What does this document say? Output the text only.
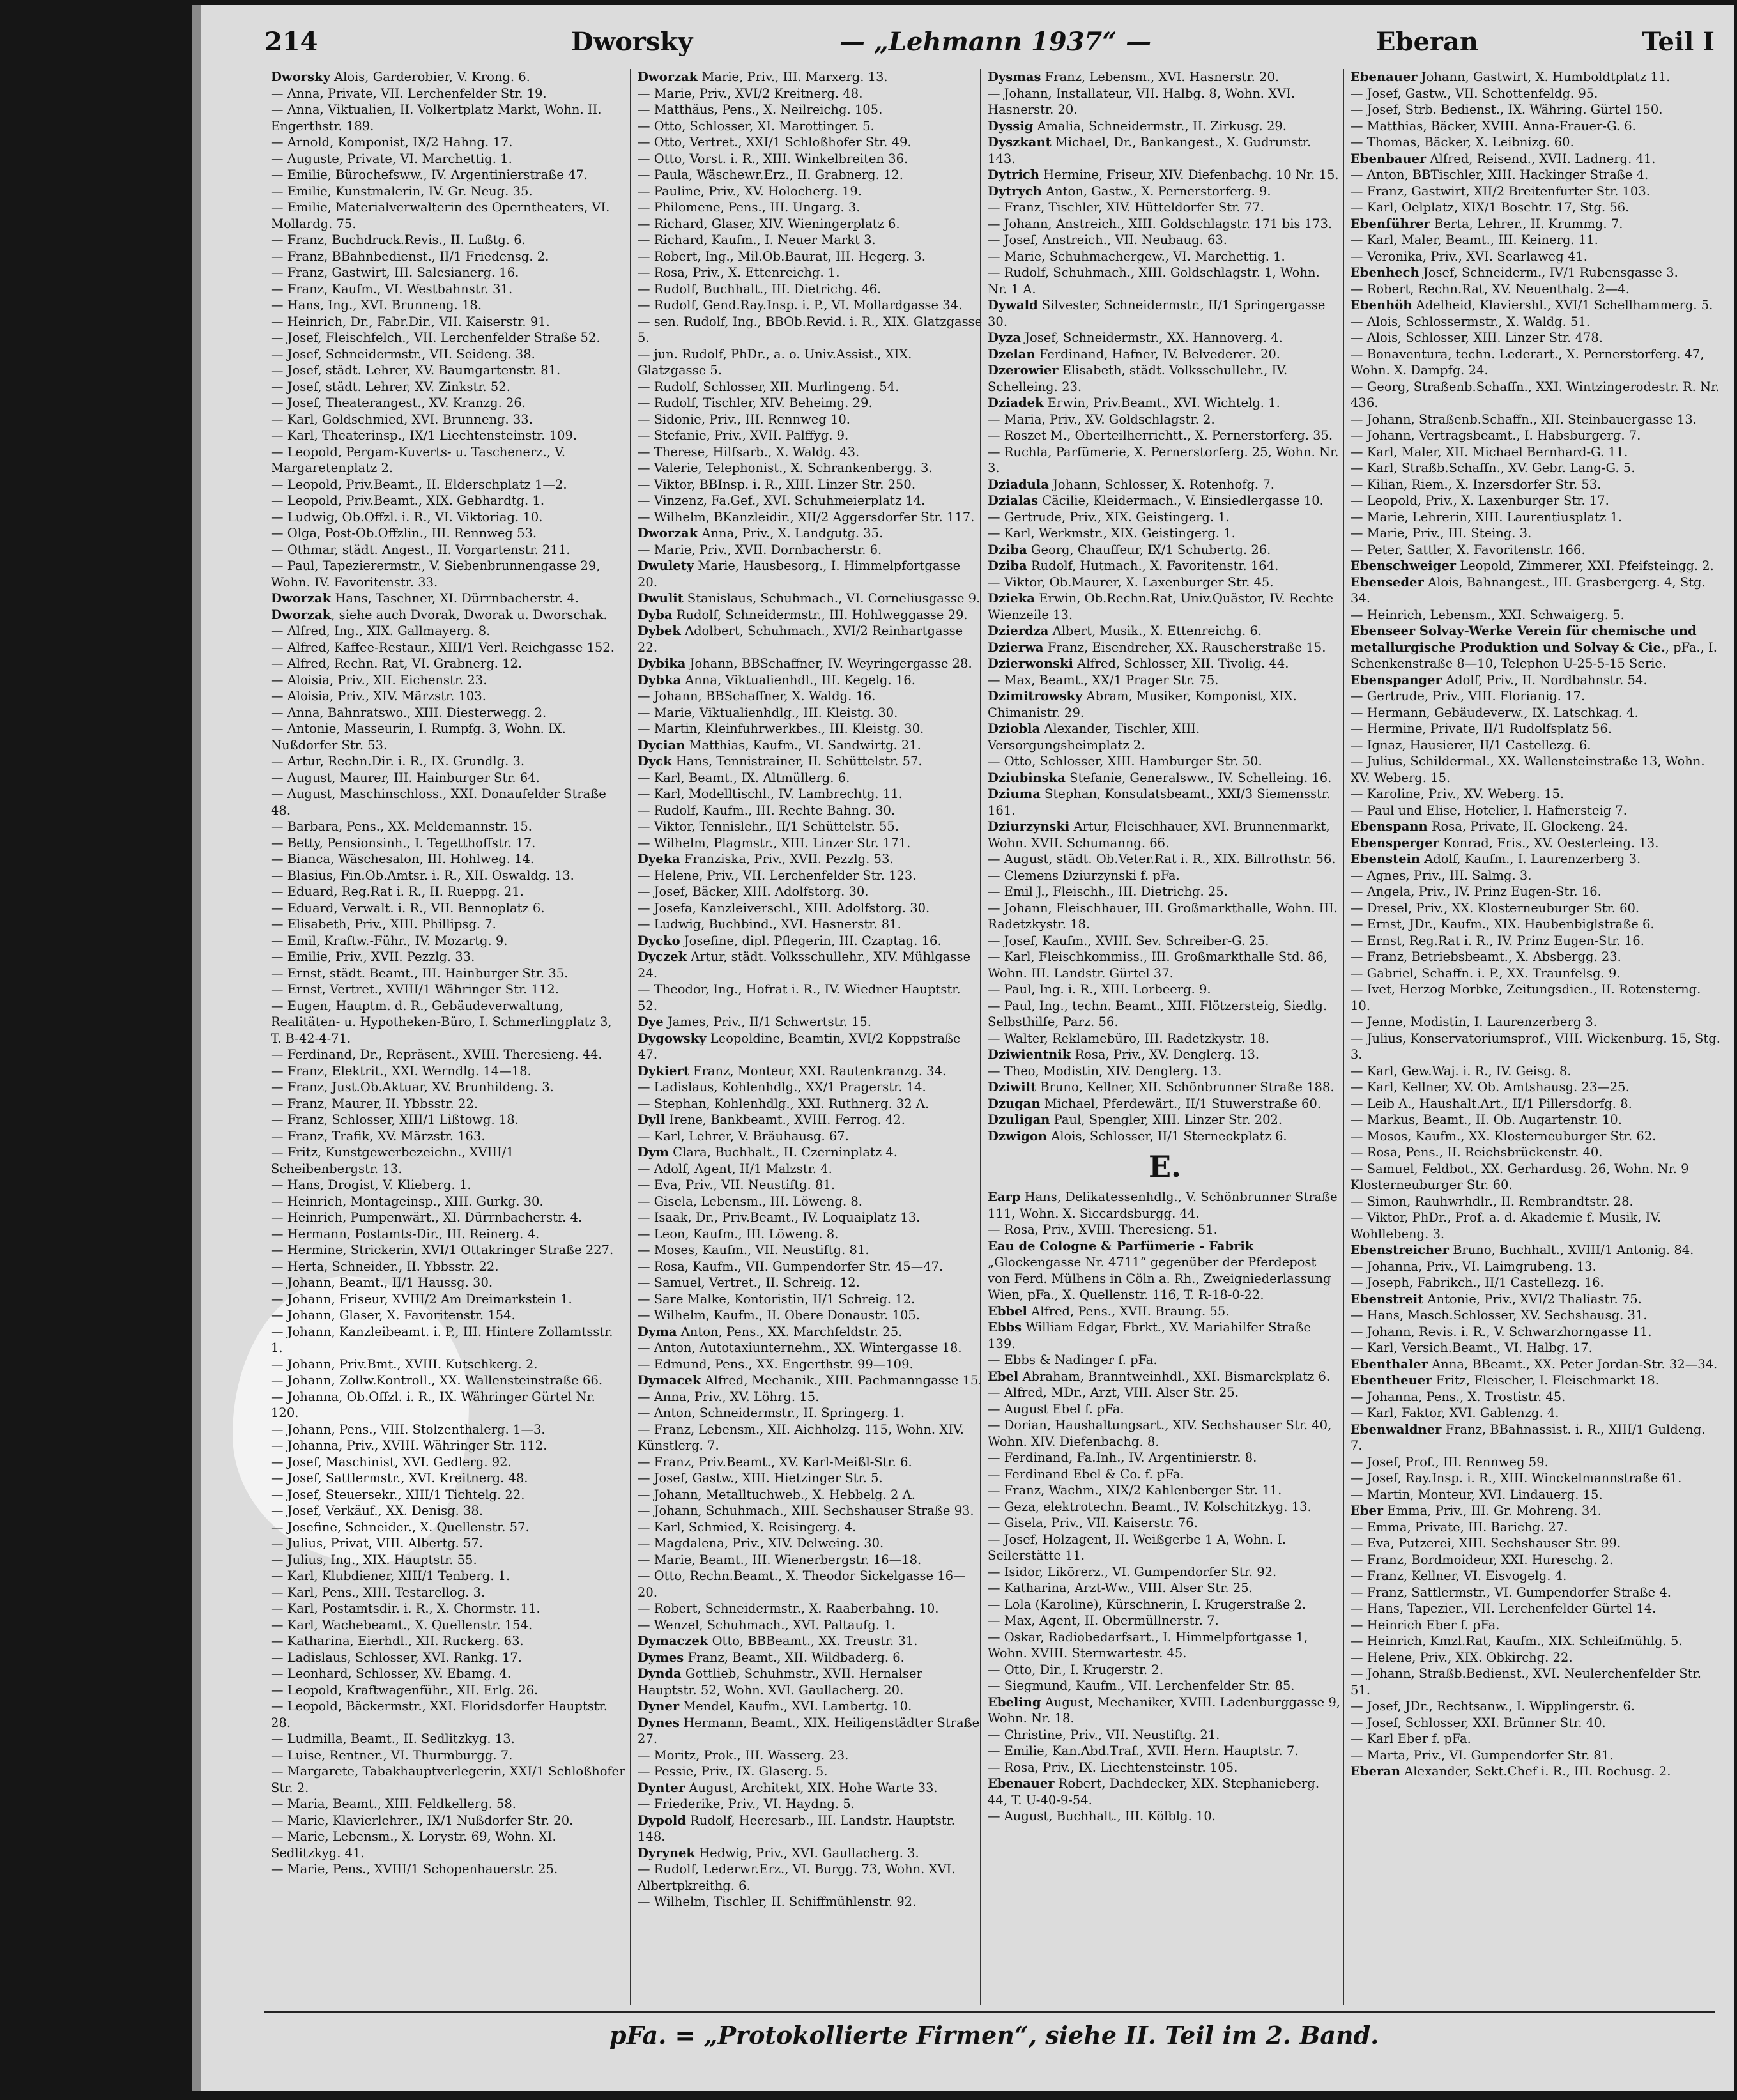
214	Dworsky	— „Lehmann 1937“ —	Eberan	Teil I

Dworsky Alois, Garderobier, V. Krong. 6.

— Anna, Private, VII. Lerchenfelder Str. 19.

— Anna, Viktualien, II. Volkertplatz Markt, Wohn. II. Engerthstr. 189.

— Arnold, Komponist, IX/2 Hahng. 17.

— Auguste, Private, VI. Marchettig. 1.

— Emilie, Bürochefsww., IV. Argentinierstraße 47.

— Emilie, Kunstmalerin, IV. Gr. Neug. 35.

— Emilie, Materialverwalterin des Operntheaters, VI. Mollardg. 75.

— Franz, Buchdruck.Revis., II. Lußtg. 6.

— Franz, BBahnbedienst., II/1 Friedensg. 2.

— Franz, Gastwirt, III. Salesianerg. 16.

— Franz, Kaufm., VI. Westbahnstr. 31.

— Hans, Ing., XVI. Brunneng. 18.

— Heinrich, Dr., Fabr.Dir., VII. Kaiserstr. 91.

— Josef, Fleischfelch., VII. Lerchenfelder Straße 52.

— Josef, Schneidermstr., VII. Seideng. 38.

— Josef, städt. Lehrer, XV. Baumgartenstr. 81.

— Josef, städt. Lehrer, XV. Zinkstr. 52.

— Josef, Theaterangest., XV. Kranzg. 26.

— Karl, Goldschmied, XVI. Brunneng. 33.

— Karl, Theaterinsp., IX/1 Liechtensteinstr. 109.

— Leopold, Pergam-Kuverts- u. Taschenerz., V. Margaretenplatz 2.

— Leopold, Priv.Beamt., II. Elderschplatz 1—2.

— Leopold, Priv.Beamt., XIX. Gebhardtg. 1.

— Ludwig, Ob.Offzl. i. R., VI. Viktoriag. 10.

— Olga, Post-Ob.Offzlin., III. Rennweg 53.

— Othmar, städt. Angest., II. Vorgartenstr. 211.

— Paul, Tapezierermstr., V. Siebenbrunnengasse 29, Wohn. IV. Favoritenstr. 33.

Dworzak Hans, Taschner, XI. Dürrnbacherstr. 4.

Dworzak, siehe auch Dvorak, Dworak u. Dworschak.

— Alfred, Ing., XIX. Gallmayerg. 8.

— Alfred, Kaffee-Restaur., XIII/1 Verl. Reichgasse 152.

— Alfred, Rechn. Rat, VI. Grabnerg. 12.

— Aloisia, Priv., XII. Eichenstr. 23.

— Aloisia, Priv., XIV. Märzstr. 103.

— Anna, Bahnratswo., XIII. Diesterwegg. 2.

— Antonie, Masseurin, I. Rumpfg. 3, Wohn. IX. Nußdorfer Str. 53.

— Artur, Rechn.Dir. i. R., IX. Grundlg. 3.

— August, Maurer, III. Hainburger Str. 64.

— August, Maschinschloss., XXI. Donaufelder Straße 48.

— Barbara, Pens., XX. Meldemannstr. 15.

— Betty, Pensionsinh., I. Tegetthoffstr. 17.

— Bianca, Wäschesalon, III. Hohlweg. 14.

— Blasius, Fin.Ob.Amtsr. i. R., XII. Oswaldg. 13.

— Eduard, Reg.Rat i. R., II. Rueppg. 21.

— Eduard, Verwalt. i. R., VII. Bennoplatz 6.

— Elisabeth, Priv., XIII. Phillipsg. 7.

— Emil, Kraftw.-Führ., IV. Mozartg. 9.

— Emilie, Priv., XVII. Pezzlg. 33.

— Ernst, städt. Beamt., III. Hainburger Str. 35.

— Ernst, Vertret., XVIII/1 Währinger Str. 112.

— Eugen, Hauptm. d. R., Gebäudeverwaltung, Realitäten- u. Hypotheken-Büro, I. Schmerlingplatz 3, T. B-42-4-71.

— Ferdinand, Dr., Repräsent., XVIII. Theresieng. 44.

— Franz, Elektrit., XXI. Werndlg. 14—18.

— Franz, Just.Ob.Aktuar, XV. Brunhildeng. 3.

— Franz, Maurer, II. Ybbsstr. 22.

— Franz, Schlosser, XIII/1 Lißtowg. 18.

— Franz, Trafik, XV. Märzstr. 163.

— Fritz, Kunstgewerbezeichn., XVIII/1 Scheibenbergstr. 13.

— Hans, Drogist, V. Klieberg. 1.

— Heinrich, Montageinsp., XIII. Gurkg. 30.

— Heinrich, Pumpenwärt., XI. Dürrnbacherstr. 4.

— Hermann, Postamts-Dir., III. Reinerg. 4.

— Hermine, Strickerin, XVI/1 Ottakringer Straße 227.

— Herta, Schneider., II. Ybbsstr. 22.

— Johann, Beamt., II/1 Haussg. 30.

— Johann, Friseur, XVIII/2 Am Dreimarkstein 1.

— Johann, Glaser, X. Favoritenstr. 154.

— Johann, Kanzleibeamt. i. P., III. Hintere Zollamtsstr. 1.

— Johann, Priv.Bmt., XVIII. Kutschkerg. 2.

— Johann, Zollw.Kontroll., XX. Wallensteinstraße 66.

— Johanna, Ob.Offzl. i. R., IX. Währinger Gürtel Nr. 120.

— Johann, Pens., VIII. Stolzenthalerg. 1—3.

— Johanna, Priv., XVIII. Währinger Str. 112.

— Josef, Maschinist, XVI. Gedlerg. 92.

— Josef, Sattlermstr., XVI. Kreitnerg. 48.

— Josef, Steuersekr., XIII/1 Tichtelg. 22.

— Josef, Verkäuf., XX. Denisg. 38.

— Josefine, Schneider., X. Quellenstr. 57.

— Julius, Privat, VIII. Albertg. 57.

— Julius, Ing., XIX. Hauptstr. 55.

— Karl, Klubdiener, XIII/1 Tenberg. 1.

— Karl, Pens., XIII. Testarellog. 3.

— Karl, Postamtsdir. i. R., X. Chormstr. 11.

— Karl, Wachebeamt., X. Quellenstr. 154.

— Katharina, Eierhdl., XII. Ruckerg. 63.

— Ladislaus, Schlosser, XVI. Rankg. 17.

— Leonhard, Schlosser, XV. Ebamg. 4.

— Leopold, Kraftwagenführ., XII. Erlg. 26.

— Leopold, Bäckermstr., XXI. Floridsdorfer Hauptstr. 28.

— Ludmilla, Beamt., II. Sedlitzkyg. 13.

— Luise, Rentner., VI. Thurmburgg. 7.

— Margarete, Tabakhauptverlegerin, XXI/1 Schloßhofer Str. 2.

— Maria, Beamt., XIII. Feldkellerg. 58.

— Marie, Klavierlehrer., IX/1 Nußdorfer Str. 20.

— Marie, Lebensm., X. Lorystr. 69, Wohn. XI. Sedlitzkyg. 41.

— Marie, Pens., XVIII/1 Schopenhauerstr. 25.

Dworzak Marie, Priv., III. Marxerg. 13.

— Marie, Priv., XVI/2 Kreitnerg. 48.

— Matthäus, Pens., X. Neilreichg. 105.

— Otto, Schlosser, XI. Marottinger. 5.

— Otto, Vertret., XXI/1 Schloßhofer Str. 49.

— Otto, Vorst. i. R., XIII. Winkelbreiten 36.

— Paula, Wäschewr.Erz., II. Grabnerg. 12.

— Pauline, Priv., XV. Holocherg. 19.

— Philomene, Pens., III. Ungarg. 3.

— Richard, Glaser, XIV. Wieningerplatz 6.

— Richard, Kaufm., I. Neuer Markt 3.

— Robert, Ing., Mil.Ob.Baurat, III. Hegerg. 3.

— Rosa, Priv., X. Ettenreichg. 1.

— Rudolf, Buchhalt., III. Dietrichg. 46.

— Rudolf, Gend.Ray.Insp. i. P., VI. Mollardgasse 34.

— sen. Rudolf, Ing., BBOb.Revid. i. R., XIX. Glatzgasse 5.

— jun. Rudolf, PhDr., a. o. Univ.Assist., XIX. Glatzgasse 5.

— Rudolf, Schlosser, XII. Murlingeng. 54.

— Rudolf, Tischler, XIV. Beheimg. 29.

— Sidonie, Priv., III. Rennweg 10.

— Stefanie, Priv., XVII. Palffyg. 9.

— Therese, Hilfsarb., X. Waldg. 43.

— Valerie, Telephonist., X. Schrankenbergg. 3.

— Viktor, BBInsp. i. R., XIII. Linzer Str. 250.

— Vinzenz, Fa.Gef., XVI. Schuhmeierplatz 14.

— Wilhelm, BKanzleidir., XII/2 Aggersdorfer Str. 117.

Dworzak Anna, Priv., X. Landgutg. 35.

— Marie, Priv., XVII. Dornbacherstr. 6.

Dwulety Marie, Hausbesorg., I. Himmelpfortgasse 20.

Dwulit Stanislaus, Schuhmach., VI. Corneliusgasse 9.

Dyba Rudolf, Schneidermstr., III. Hohlweggasse 29.

Dybek Adolbert, Schuhmach., XVI/2 Reinhartgasse 22.

Dybika Johann, BBSchaffner, IV. Weyringergasse 28.

Dybka Anna, Viktualienhdl., III. Kegelg. 16.

— Johann, BBSchaffner, X. Waldg. 16.

— Marie, Viktualienhdlg., III. Kleistg. 30.

— Martin, Kleinfuhrwerkbes., III. Kleistg. 30.

Dycian Matthias, Kaufm., VI. Sandwirtg. 21.

Dyck Hans, Tennistrainer, II. Schüttelstr. 57.

— Karl, Beamt., IX. Altmüllerg. 6.

— Karl, Modelltischl., IV. Lambrechtg. 11.

— Rudolf, Kaufm., III. Rechte Bahng. 30.

— Viktor, Tennislehr., II/1 Schüttelstr. 55.

— Wilhelm, Plagmstr., XIII. Linzer Str. 171.

Dyeka Franziska, Priv., XVII. Pezzlg. 53.

— Helene, Priv., VII. Lerchenfelder Str. 123.

— Josef, Bäcker, XIII. Adolfstorg. 30.

— Josefa, Kanzleiverschl., XIII. Adolfstorg. 30.

— Ludwig, Buchbind., XVI. Hasnerstr. 81.

Dycko Josefine, dipl. Pflegerin, III. Czaptag. 16.

Dyczek Artur, städt. Volksschullehr., XIV. Mühlgasse 24.

— Theodor, Ing., Hofrat i. R., IV. Wiedner Hauptstr. 52.

Dye James, Priv., II/1 Schwertstr. 15.

Dygowsky Leopoldine, Beamtin, XVI/2 Koppstraße 47.

Dykiert Franz, Monteur, XXI. Rautenkranzg. 34.

— Ladislaus, Kohlenhdlg., XX/1 Pragerstr. 14.

— Stephan, Kohlenhdlg., XXI. Ruthnerg. 32 A.

Dyll Irene, Bankbeamt., XVIII. Ferrog. 42.

— Karl, Lehrer, V. Bräuhausg. 67.

Dym Clara, Buchhalt., II. Czerninplatz 4.

— Adolf, Agent, II/1 Malzstr. 4.

— Eva, Priv., VII. Neustiftg. 81.

— Gisela, Lebensm., III. Löweng. 8.

— Isaak, Dr., Priv.Beamt., IV. Loquaiplatz 13.

— Leon, Kaufm., III. Löweng. 8.

— Moses, Kaufm., VII. Neustiftg. 81.

— Rosa, Kaufm., VII. Gumpendorfer Str. 45—47.

— Samuel, Vertret., II. Schreig. 12.

— Sare Malke, Kontoristin, II/1 Schreig. 12.

— Wilhelm, Kaufm., II. Obere Donaustr. 105.

Dyma Anton, Pens., XX. Marchfeldstr. 25.

— Anton, Autotaxiunternehm., XX. Wintergasse 18.

— Edmund, Pens., XX. Engerthstr. 99—109.

Dymacek Alfred, Mechanik., XIII. Pachmanngasse 15.

— Anna, Priv., XV. Löhrg. 15.

— Anton, Schneidermstr., II. Springerg. 1.

— Franz, Lebensm., XII. Aichholzg. 115, Wohn. XIV. Künstlerg. 7.

— Franz, Priv.Beamt., XV. Karl-Meißl-Str. 6.

— Josef, Gastw., XIII. Hietzinger Str. 5.

— Johann, Metalltuchweb., X. Hebbelg. 2 A.

— Johann, Schuhmach., XIII. Sechshauser Straße 93.

— Karl, Schmied, X. Reisingerg. 4.

— Magdalena, Priv., XIV. Delweing. 30.

— Marie, Beamt., III. Wienerbergstr. 16—18.

— Otto, Rechn.Beamt., X. Theodor Sickelgasse 16—20.

— Robert, Schneidermstr., X. Raaberbahng. 10.

— Wenzel, Schuhmach., XVI. Paltaufg. 1.

Dymaczek Otto, BBBeamt., XX. Treustr. 31.

Dymes Franz, Beamt., XII. Wildbaderg. 6.

Dynda Gottlieb, Schuhmstr., XVII. Hernalser Hauptstr. 52, Wohn. XVI. Gaullacherg. 20.

Dyner Mendel, Kaufm., XVI. Lambertg. 10.

Dynes Hermann, Beamt., XIX. Heiligenstädter Straße 27.

— Moritz, Prok., III. Wasserg. 23.

— Pessie, Priv., IX. Glaserg. 5.

Dynter August, Architekt, XIX. Hohe Warte 33.

— Friederike, Priv., VI. Haydng. 5.

Dypold Rudolf, Heeresarb., III. Landstr. Hauptstr. 148.

Dyrynek Hedwig, Priv., XVI. Gaullacherg. 3.

— Rudolf, Lederwr.Erz., VI. Burgg. 73, Wohn. XVI. Albertpkreithg. 6.

— Wilhelm, Tischler, II. Schiffmühlenstr. 92.

Dysmas Franz, Lebensm., XVI. Hasnerstr. 20.

— Johann, Installateur, VII. Halbg. 8, Wohn. XVI. Hasnerstr. 20.

Dyssig Amalia, Schneidermstr., II. Zirkusg. 29.

Dyszkant Michael, Dr., Bankangest., X. Gudrunstr. 143.

Dytrich Hermine, Friseur, XIV. Diefenbachg. 10 Nr. 15.

Dytrych Anton, Gastw., X. Pernerstorferg. 9.

— Franz, Tischler, XIV. Hütteldorfer Str. 77.

— Johann, Anstreich., XIII. Goldschlagstr. 171 bis 173.

— Josef, Anstreich., VII. Neubaug. 63.

— Marie, Schuhmachergew., VI. Marchettig. 1.

— Rudolf, Schuhmach., XIII. Goldschlagstr. 1, Wohn. Nr. 1 A.

Dywald Silvester, Schneidermstr., II/1 Springergasse 30.

Dyza Josef, Schneidermstr., XX. Hannoverg. 4.

Dzelan Ferdinand, Hafner, IV. Belvederег. 20.

Dzerowier Elisabeth, städt. Volksschullehr., IV. Schelleing. 23.

Dziadek Erwin, Priv.Beamt., XVI. Wichtelg. 1.

— Maria, Priv., XV. Goldschlagstr. 2.

— Roszet M., Oberteilherrichtt., X. Pernerstorferg. 35.

— Ruchla, Parfümerie, X. Pernerstorferg. 25, Wohn. Nr. 3.

Dziadula Johann, Schlosser, X. Rotenhofg. 7.

Dzialas Cäcilie, Kleidermach., V. Einsiedlergasse 10.

— Gertrude, Priv., XIX. Geistingerg. 1.

— Karl, Werkmstr., XIX. Geistingerg. 1.

Dziba Georg, Chauffeur, IX/1 Schubertg. 26.

Dziba Rudolf, Hutmach., X. Favoritenstr. 164.

— Viktor, Ob.Maurer, X. Laxenburger Str. 45.

Dzieka Erwin, Ob.Rechn.Rat, Univ.Quästor, IV. Rechte Wienzeile 13.

Dzierdza Albert, Musik., X. Ettenreichg. 6.

Dzierwa Franz, Eisendreher, XX. Rauscherstraße 15.

Dzierwonski Alfred, Schlosser, XII. Tivolig. 44.

— Max, Beamt., XX/1 Prager Str. 75.

Dzimitrowsky Abram, Musiker, Komponist, XIX. Chimanistr. 29.

Dziobla Alexander, Tischler, XIII. Versorgungsheimplatz 2.

— Otto, Schlosser, XIII. Hamburger Str. 50.

Dziubinska Stefanie, Generalsww., IV. Schelleing. 16.

Dziuma Stephan, Konsulatsbeamt., XXI/3 Siemensstr. 161.

Dziurzynski Artur, Fleischhauer, XVI. Brunnenmarkt, Wohn. XVII. Schumanng. 66.

— August, städt. Ob.Veter.Rat i. R., XIX. Billrothstr. 56.

— Clemens Dziurzynski f. pFa.

— Emil J., Fleischh., III. Dietrichg. 25.

— Johann, Fleischhauer, III. Großmarkthalle, Wohn. III. Radetzkystr. 18.

— Josef, Kaufm., XVIII. Sev. Schreiber-G. 25.

— Karl, Fleischkommiss., III. Großmarkthalle Std. 86, Wohn. III. Landstr. Gürtel 37.

— Paul, Ing. i. R., XIII. Lorbeerg. 9.

— Paul, Ing., techn. Beamt., XIII. Flötzersteig, Siedlg. Selbsthilfe, Parz. 56.

— Walter, Reklamebüro, III. Radetzkystr. 18.

Dziwientnik Rosa, Priv., XV. Denglerg. 13.

— Theo, Modistin, XIV. Denglerg. 13.

Dziwilt Bruno, Kellner, XII. Schönbrunner Straße 188.

Dzugan Michael, Pferdewärt., II/1 Stuwerstraße 60.

Dzuligan Paul, Spengler, XIII. Linzer Str. 202.

Dzwigon Alois, Schlosser, II/1 Sterneckplatz 6.

E.

Earp Hans, Delikatessenhdlg., V. Schönbrunner Straße 111, Wohn. X. Siccardsburgg. 44.

— Rosa, Priv., XVIII. Theresieng. 51.

Eau de Cologne & Parfümerie - Fabrik „Glockengasse Nr. 4711“ gegenüber der Pferdepost von Ferd. Mülhens in Cöln a. Rh., Zweigniederlassung Wien, pFa., X. Quellenstr. 116, T. R-18-0-22.

Ebbel Alfred, Pens., XVII. Braung. 55.

Ebbs William Edgar, Fbrkt., XV. Mariahilfer Straße 139.

— Ebbs & Nadinger f. pFa.

Ebel Abraham, Branntweinhdl., XXI. Bismarckplatz 6.

— Alfred, MDr., Arzt, VIII. Alser Str. 25.

— August Ebel f. pFa.

— Dorian, Haushaltungsart., XIV. Sechshauser Str. 40, Wohn. XIV. Diefenbachg. 8.

— Ferdinand, Fa.Inh., IV. Argentinierstr. 8.

— Ferdinand Ebel & Co. f. pFa.

— Franz, Wachm., XIX/2 Kahlenberger Str. 11.

— Geza, elektrotechn. Beamt., IV. Kolschitzkyg. 13.

— Gisela, Priv., VII. Kaiserstr. 76.

— Josef, Holzagent, II. Weißgerbe 1 A, Wohn. I. Seilerstätte 11.

— Isidor, Likörerz., VI. Gumpendorfer Str. 92.

— Katharina, Arzt-Ww., VIII. Alser Str. 25.

— Lola (Karoline), Kürschnerin, I. Krugerstraße 2.

— Max, Agent, II. Obermüllnerstr. 7.

— Oskar, Radiobedarfsart., I. Himmelpfortgasse 1, Wohn. XVIII. Sternwartestr. 45.

— Otto, Dir., I. Krugerstr. 2.

— Siegmund, Kaufm., VII. Lerchenfelder Str. 85.

Ebeling August, Mechaniker, XVIII. Ladenburggasse 9, Wohn. Nr. 18.

— Christine, Priv., VII. Neustiftg. 21.

— Emilie, Kan.Abd.Traf., XVII. Hern. Hauptstr. 7.

— Rosa, Priv., IX. Liechtensteinstr. 105.

Ebenauer Robert, Dachdecker, XIX. Stephanieberg. 44, T. U-40-9-54.

— August, Buchhalt., III. Kölblg. 10.

Ebenauer Johann, Gastwirt, X. Humboldtplatz 11.

— Josef, Gastw., VII. Schottenfeldg. 95.

— Josef, Strb. Bedienst., IX. Währing. Gürtel 150.

— Matthias, Bäcker, XVIII. Anna-Frauer-G. 6.

— Thomas, Bäcker, X. Leibnizg. 60.

Ebenbauer Alfred, Reisend., XVII. Ladnerg. 41.

— Anton, BBTischler, XIII. Hackinger Straße 4.

— Franz, Gastwirt, XII/2 Breitenfurter Str. 103.

— Karl, Oelplatz, XIX/1 Boschtr. 17, Stg. 56.

Ebenführer Berta, Lehrer., II. Krummg. 7.

— Karl, Maler, Beamt., III. Keinerg. 11.

— Veronika, Priv., XVI. Searlaweg 41.

Ebenhech Josef, Schneiderm., IV/1 Rubensgasse 3.

— Robert, Rechn.Rat, XV. Neuenthalg. 2—4.

Ebenhöh Adelheid, Klaviershl., XVI/1 Schellhammerg. 5.

— Alois, Schlossermstr., X. Waldg. 51.

— Alois, Schlosser, XIII. Linzer Str. 478.

— Bonaventura, techn. Lederart., X. Pernerstorferg. 47, Wohn. X. Dampfg. 24.

— Georg, Straßenb.Schaffn., XXI. Wintzingerodestr. R. Nr. 436.

— Johann, Straßenb.Schaffn., XII. Steinbauergasse 13.

— Johann, Vertragsbeamt., I. Habsburgerg. 7.

— Karl, Maler, XII. Michael Bernhard-G. 11.

— Karl, Straßb.Schaffn., XV. Gebr. Lang-G. 5.

— Kilian, Riem., X. Inzersdorfer Str. 53.

— Leopold, Priv., X. Laxenburger Str. 17.

— Marie, Lehrerin, XIII. Laurentiusplatz 1.

— Marie, Priv., III. Steing. 3.

— Peter, Sattler, X. Favoritenstr. 166.

Ebenschweiger Leopold, Zimmerer, XXI. Pfeifsteingg. 2.

Ebenseder Alois, Bahnangest., III. Grasbergerg. 4, Stg. 34.

— Heinrich, Lebensm., XXI. Schwaigerg. 5.

Ebenseer Solvay-Werke Verein für chemische und metallurgische Produktion und Solvay & Cie., pFa., I. Schenkenstraße 8—10, Telephon U-25-5-15 Serie.

Ebenspanger Adolf, Priv., II. Nordbahnstr. 54.

— Gertrude, Priv., VIII. Florianig. 17.

— Hermann, Gebäudeverw., IX. Latschkag. 4.

— Hermine, Private, II/1 Rudolfsplatz 56.

— Ignaz, Hausierer, II/1 Castellezg. 6.

— Julius, Schildermal., XX. Wallensteinstraße 13, Wohn. XV. Weberg. 15.

— Karoline, Priv., XV. Weberg. 15.

— Paul und Elise, Hotelier, I. Hafnersteig 7.

Ebenspann Rosa, Private, II. Glockeng. 24.

Ebensperger Konrad, Fris., XV. Oesterleing. 13.

Ebenstein Adolf, Kaufm., I. Laurenzerberg 3.

— Agnes, Priv., III. Salmg. 3.

— Angela, Priv., IV. Prinz Eugen-Str. 16.

— Dresel, Priv., XX. Klosterneuburger Str. 60.

— Ernst, JDr., Kaufm., XIX. Haubenbiglstraße 6.

— Ernst, Reg.Rat i. R., IV. Prinz Eugen-Str. 16.

— Franz, Betriebsbeamt., X. Absbergg. 23.

— Gabriel, Schaffn. i. P., XX. Traunfelsg. 9.

— Ivet, Herzog Morbke, Zeitungsdien., II. Rotensterng. 10.

— Jenne, Modistin, I. Laurenzerberg 3.

— Julius, Konservatoriumsprof., VIII. Wickenburg. 15, Stg. 3.

— Karl, Gew.Waj. i. R., IV. Geisg. 8.

— Karl, Kellner, XV. Ob. Amtshausg. 23—25.

— Leib A., Haushalt.Art., II/1 Pillersdorfg. 8.

— Markus, Beamt., II. Ob. Augartenstr. 10.

— Mosos, Kaufm., XX. Klosterneuburger Str. 62.

— Rosa, Pens., II. Reichsbrückenstr. 40.

— Samuel, Feldbot., XX. Gerhardusg. 26, Wohn. Nr. 9 Klosterneuburger Str. 60.

— Simon, Rauhwrhdlr., II. Rembrandtstr. 28.

— Viktor, PhDr., Prof. a. d. Akademie f. Musik, IV. Wohllebeng. 3.

Ebenstreicher Bruno, Buchhalt., XVIII/1 Antonig. 84.

— Johanna, Priv., VI. Laimgrubeng. 13.

— Joseph, Fabrikch., II/1 Castellezg. 16.

Ebenstreit Antonie, Priv., XVI/2 Thaliastr. 75.

— Hans, Masch.Schlosser, XV. Sechshausg. 31.

— Johann, Revis. i. R., V. Schwarzhorngasse 11.

— Karl, Versich.Beamt., VI. Halbg. 17.

Ebenthaler Anna, BBeamt., XX. Peter Jordan-Str. 32—34.

Ebentheuer Fritz, Fleischer, I. Fleischmarkt 18.

— Johanna, Pens., X. Trostistr. 45.

— Karl, Faktor, XVI. Gablenzg. 4.

Ebenwaldner Franz, BBahnassist. i. R., XIII/1 Guldeng. 7.

— Josef, Prof., III. Rennweg 59.

— Josef, Ray.Insp. i. R., XIII. Winckelmannstraße 61.

— Martin, Monteur, XVI. Lindauerg. 15.

Eber Emma, Priv., III. Gr. Mohreng. 34.

— Emma, Private, III. Barichg. 27.

— Eva, Putzerei, XIII. Sechshauser Str. 99.

— Franz, Bordmoideur, XXI. Hureschg. 2.

— Franz, Kellner, VI. Eisvogelg. 4.

— Franz, Sattlermstr., VI. Gumpendorfer Straße 4.

— Hans, Tapezier., VII. Lerchenfelder Gürtel 14.

— Heinrich Eber f. pFa.

— Heinrich, Kmzl.Rat, Kaufm., XIX. Schleifmühlg. 5.

— Helene, Priv., XIX. Obkirchg. 22.

— Johann, Straßb.Bedienst., XVI. Neulerchenfelder Str. 51.

— Josef, JDr., Rechtsanw., I. Wipplingerstr. 6.

— Josef, Schlosser, XXI. Brünner Str. 40.

— Karl Eber f. pFa.

— Marta, Priv., VI. Gumpendorfer Str. 81.

Eberan Alexander, Sekt.Chef i. R., III. Rochusg. 2.

pFa. = „Protokollierte Firmen“, siehe II. Teil im 2. Band.
